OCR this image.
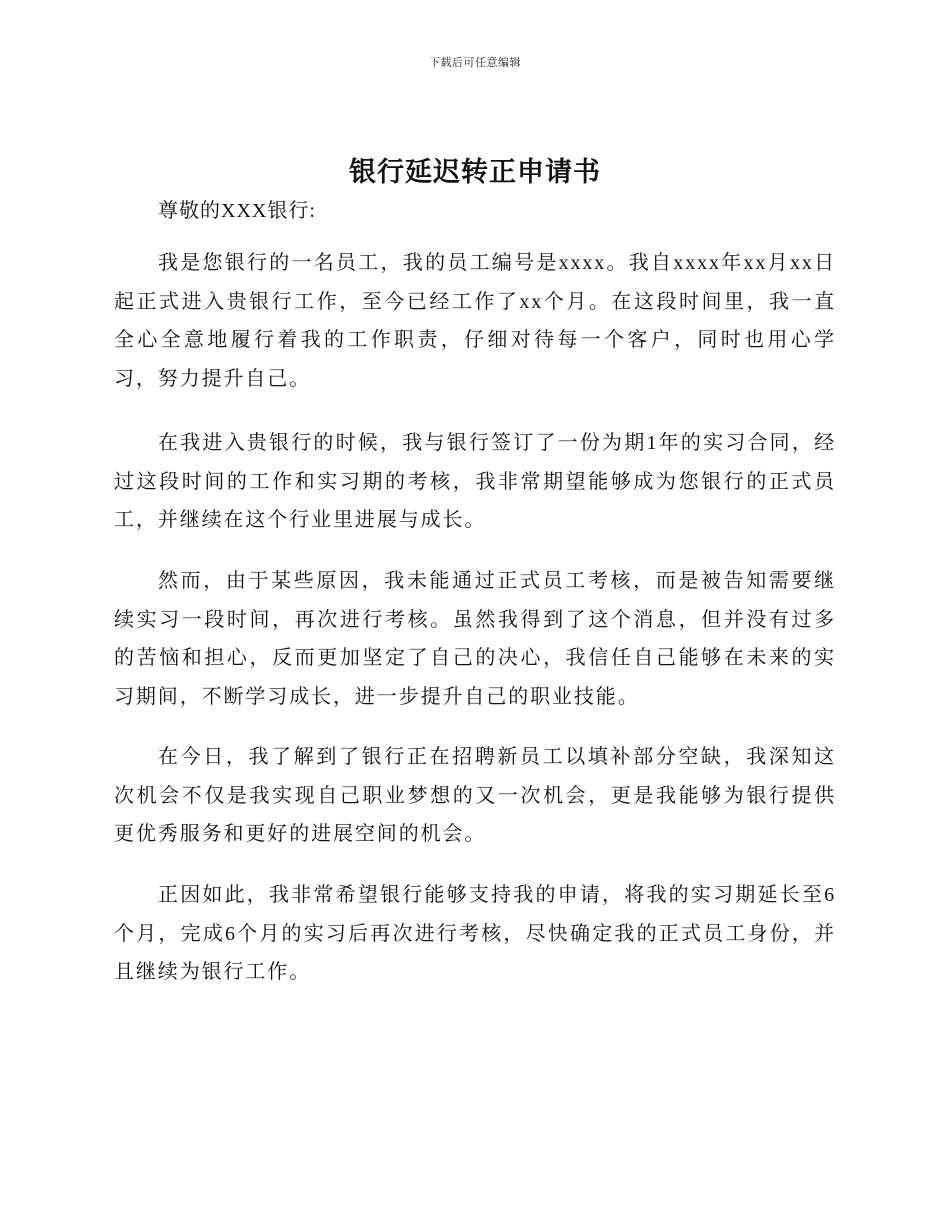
下载后可任意编辑
银行延迟转正申请书
尊敬的XXX银行:

我是您银行的一名员工，我的员工编号是xxxx。我自xxxx年xx月xx日起正式进入贵银行工作，至今已经工作了xx个月。在这段时间里，我一直全心全意地履行着我的工作职责，仔细对待每一个客户，同时也用心学习，努力提升自己。

在我进入贵银行的时候，我与银行签订了一份为期1年的实习合同，经过这段时间的工作和实习期的考核，我非常期望能够成为您银行的正式员工，并继续在这个行业里进展与成长。

然而，由于某些原因，我未能通过正式员工考核，而是被告知需要继续实习一段时间，再次进行考核。虽然我得到了这个消息，但并没有过多的苦恼和担心，反而更加坚定了自己的决心，我信任自己能够在未来的实习期间，不断学习成长，进一步提升自己的职业技能。

在今日，我了解到了银行正在招聘新员工以填补部分空缺，我深知这次机会不仅是我实现自己职业梦想的又一次机会，更是我能够为银行提供更优秀服务和更好的进展空间的机会。

正因如此，我非常希望银行能够支持我的申请，将我的实习期延长至6个月，完成6个月的实习后再次进行考核，尽快确定我的正式员工身份，并且继续为银行工作。
